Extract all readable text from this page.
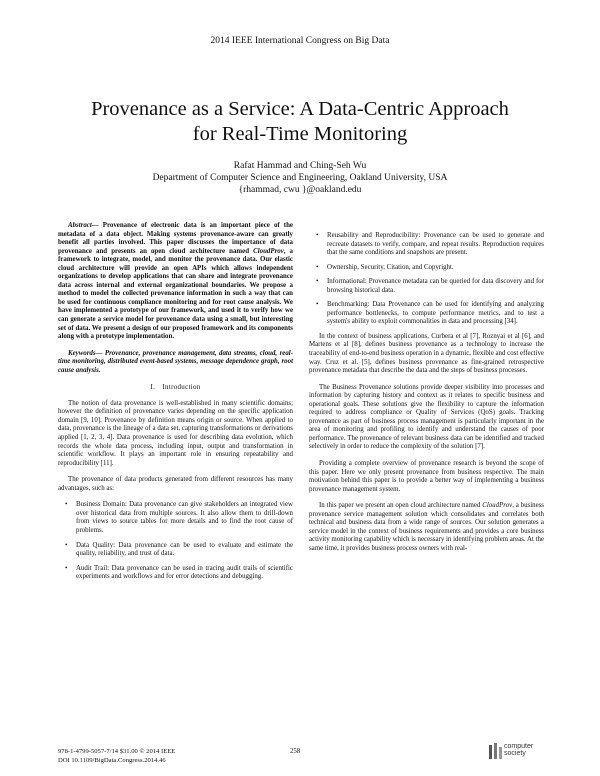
2014 IEEE International Congress on Big Data
Provenance as a Service: A Data-Centric Approach
for Real-Time Monitoring
Rafat Hammad and Ching-Seh Wu
Department of Computer Science and Engineering, Oakland University, USA
{rhammad, cwu }@oakland.edu

Abstract— Provenance of electronic data is an important piece of the metadata of a data object. Making systems provenance-aware can greatly benefit all parties involved. This paper discusses the importance of data provenance and presents an open cloud architecture named CloudProv, a framework to integrate, model, and monitor the provenance data. Our elastic cloud architecture will provide an open APIs which allows independent organizations to develop applications that can share and integrate provenance data across internal and external organizational boundaries. We propose a method to model the collected provenance information in such a way that can be used for continuous compliance monitoring and for root cause analysis. We have implemented a prototype of our framework, and used it to verify how we can generate a service model for provenance data using a small, but interesting set of data. We present a design of our proposed framework and its components along with a prototype implementation.

Keywords— Provenance, provenance management, data streams, cloud, real-time monitoring, distributed event-based systems, message dependence graph, root cause analysis.

I. Introduction

The notion of data provenance is well-established in many scientific domains; however the definition of provenance varies depending on the specific application domain [9, 10]. Provenance by definition means origin or source. When applied to data, provenance is the lineage of a data set, capturing transformations or derivations applied [1, 2, 3, 4]. Data provenance is used for describing data evolution, which records the whole data process, including input, output and transformation in scientific workflow. It plays an important role in ensuring repeatability and reproducibility [11].

The provenance of data products generated from different resources has many advantages, such as:

• Business Domain: Data provenance can give stakeholders an integrated view over historical data from multiple sources. It also allow them to drill-down from views to source tables for more details and to find the root cause of problems.
• Data Quality: Data provenance can be used to evaluate and estimate the quality, reliability, and trust of data.
• Audit Trail: Data provenance can be used in tracing audit trails of scientific experiments and workflows and for error detections and debugging.
• Reusability and Reproducibility: Provenance can be used to generate and recreate datasets to verify, compare, and repeat results. Reproduction requires that the same conditions and snapshots are present.
• Ownership, Security, Citation, and Copyright.
• Informational: Provenance metadata can be queried for data discovery and for browsing historical data.
• Benchmarking: Data Provenance can be used for identifying and analyzing performance bottlenecks, to compute performance metrics, and to test a system's ability to exploit commonalities in data and processing [34].

In the context of business applications, Curbera et al [7], Roznyai et al [6], and Martens et al [8], defines business provenance as a technology to increase the traceability of end-to-end business operation in a dynamic, flexible and cost effective way. Cruz et al. [5], defines business provenance as fine-grained retrospective provenance metadata that describe the data and the steps of business processes.

The Business Provenance solutions provide deeper visibility into processes and information by capturing history and context as it relates to specific business and operational goals. These solutions give the flexibility to capture the information required to address compliance or Quality of Services (QoS) goals. Tracking provenance as part of business process management is particularly important in the area of monitoring and profiling to identify and understand the causes of poor performance. The provenance of relevant business data can be identified and tracked selectively in order to reduce the complexity of the solution [7].

Providing a complete overview of provenance research is beyond the scope of this paper. Here we only present provenance from business respective. The main motivation behind this paper is to provide a better way of implementing a business provenance management system.

In this paper we present an open cloud architecture named CloudProv, a business provenance service management solution which consolidates and correlates both technical and business data from a wide range of sources. Our solution generates a service model in the context of business requirements and provides a core business activity monitoring capability which is necessary in identifying problem areas. At the same time, it provides business process owners with real-

978-1-4799-5057-7/14 $31.00 © 2014 IEEE
DOI 10.1109/BigData.Congress.2014.46
258
computer
society
